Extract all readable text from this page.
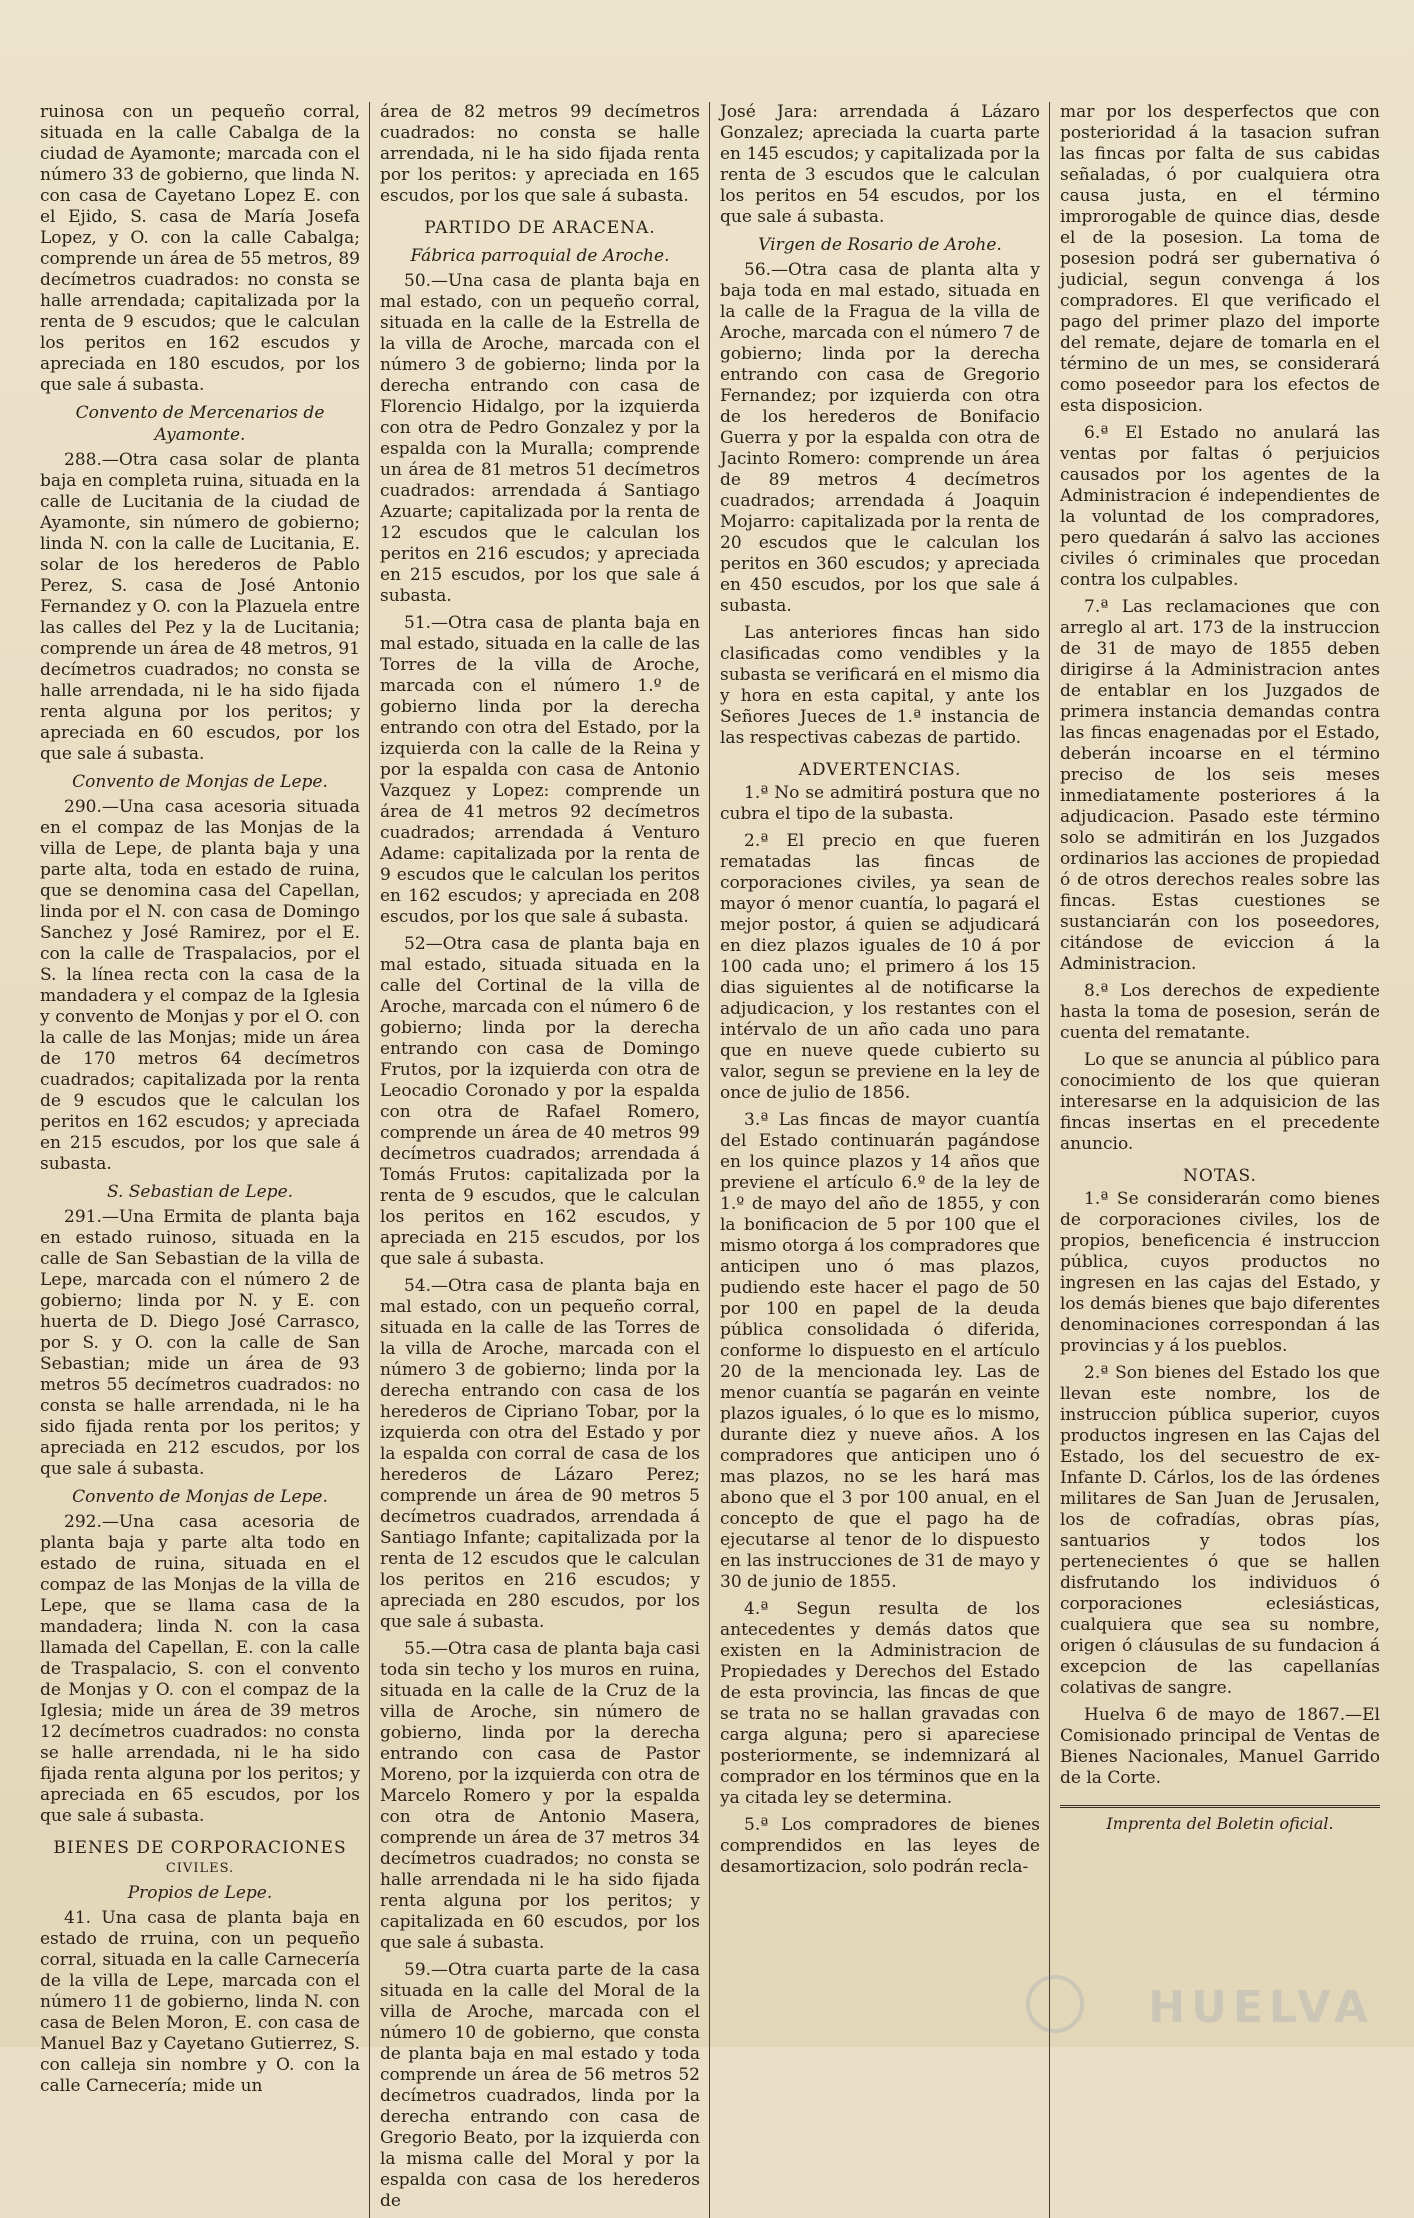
ruinosa con un pequeño corral, situada en la calle Cabalga de la ciudad de Ayamonte; marcada con el número 33 de gobierno, que linda N. con casa de Cayetano Lopez E. con el Ejido, S. casa de María Josefa Lopez, y O. con la calle Cabalga; comprende un área de 55 metros, 89 decímetros cuadrados: no consta se halle arrendada; capitalizada por la renta de 9 escudos; que le calculan los peritos en 162 escudos y apreciada en 180 escudos, por los que sale á subasta.

Convento de Mercenarios de Ayamonte.

288.—Otra casa solar de planta baja en completa ruina, situada en la calle de Lucitania de la ciudad de Ayamonte, sin número de gobierno; linda N. con la calle de Lucitania, E. solar de los herederos de Pablo Perez, S. casa de José Antonio Fernandez y O. con la Plazuela entre las calles del Pez y la de Lucitania; comprende un área de 48 metros, 91 decímetros cuadrados; no consta se halle arrendada, ni le ha sido fijada renta alguna por los peritos; y apreciada en 60 escudos, por los que sale á subasta.

Convento de Monjas de Lepe.

290.—Una casa acesoria situada en el compaz de las Monjas de la villa de Lepe, de planta baja y una parte alta, toda en estado de ruina, que se denomina casa del Capellan, linda por el N. con casa de Domingo Sanchez y José Ramirez, por el E. con la calle de Traspalacios, por el S. la línea recta con la casa de la mandadera y el compaz de la Iglesia y convento de Monjas y por el O. con la calle de las Monjas; mide un área de 170 metros 64 decímetros cuadrados; capitalizada por la renta de 9 escudos que le calculan los peritos en 162 escudos; y apreciada en 215 escudos, por los que sale á subasta.

S. Sebastian de Lepe.

291.—Una Ermita de planta baja en estado ruinoso, situada en la calle de San Sebastian de la villa de Lepe, marcada con el número 2 de gobierno; linda por N. y E. con huerta de D. Diego José Carrasco, por S. y O. con la calle de San Sebastian; mide un área de 93 metros 55 decímetros cuadrados: no consta se halle arrendada, ni le ha sido fijada renta por los peritos; y apreciada en 212 escudos, por los que sale á subasta.

Convento de Monjas de Lepe.

292.—Una casa acesoria de planta baja y parte alta todo en estado de ruina, situada en el compaz de las Monjas de la villa de Lepe, que se llama casa de la mandadera; linda N. con la casa llamada del Capellan, E. con la calle de Traspalacio, S. con el convento de Monjas y O. con el compaz de la Iglesia; mide un área de 39 metros 12 decímetros cuadrados: no consta se halle arrendada, ni le ha sido fijada renta alguna por los peritos; y apreciada en 65 escudos, por los que sale á subasta.

BIENES DE CORPORACIONES
CIVILES.
Propios de Lepe.

41. Una casa de planta baja en estado de rruina, con un pequeño corral, situada en la calle Carnecería de la villa de Lepe, marcada con el número 11 de gobierno, linda N. con casa de Belen Moron, E. con casa de Manuel Baz y Cayetano Gutierrez, S. con calleja sin nombre y O. con la calle Carnecería; mide un

área de 82 metros 99 decímetros cuadrados: no consta se halle arrendada, ni le ha sido fijada renta por los peritos: y apreciada en 165 escudos, por los que sale á subasta.

PARTIDO DE ARACENA.
Fábrica parroquial de Aroche.

50.—Una casa de planta baja en mal estado, con un pequeño corral, situada en la calle de la Estrella de la villa de Aroche, marcada con el número 3 de gobierno; linda por la derecha entrando con casa de Florencio Hidalgo, por la izquierda con otra de Pedro Gonzalez y por la espalda con la Muralla; comprende un área de 81 metros 51 decímetros cuadrados: arrendada á Santiago Azuarte; capitalizada por la renta de 12 escudos que le calculan los peritos en 216 escudos; y apreciada en 215 escudos, por los que sale á subasta.

51.—Otra casa de planta baja en mal estado, situada en la calle de las Torres de la villa de Aroche, marcada con el número 1.º de gobierno linda por la derecha entrando con otra del Estado, por la izquierda con la calle de la Reina y por la espalda con casa de Antonio Vazquez y Lopez: comprende un área de 41 metros 92 decímetros cuadrados; arrendada á Venturo Adame: capitalizada por la renta de 9 escudos que le calculan los peritos en 162 escudos; y apreciada en 208 escudos, por los que sale á subasta.

52—Otra casa de planta baja en mal estado, situada situada en la calle del Cortinal de la villa de Aroche, marcada con el número 6 de gobierno; linda por la derecha entrando con casa de Domingo Frutos, por la izquierda con otra de Leocadio Coronado y por la espalda con otra de Rafael Romero, comprende un área de 40 metros 99 decímetros cuadrados; arrendada á Tomás Frutos: capitalizada por la renta de 9 escudos, que le calculan los peritos en 162 escudos, y apreciada en 215 escudos, por los que sale á subasta.

54.—Otra casa de planta baja en mal estado, con un pequeño corral, situada en la calle de las Torres de la villa de Aroche, marcada con el número 3 de gobierno; linda por la derecha entrando con casa de los herederos de Cipriano Tobar, por la izquierda con otra del Estado y por la espalda con corral de casa de los herederos de Lázaro Perez; comprende un área de 90 metros 5 decímetros cuadrados, arrendada á Santiago Infante; capitalizada por la renta de 12 escudos que le calculan los peritos en 216 escudos; y apreciada en 280 escudos, por los que sale á subasta.

55.—Otra casa de planta baja casi toda sin techo y los muros en ruina, situada en la calle de la Cruz de la villa de Aroche, sin número de gobierno, linda por la derecha entrando con casa de Pastor Moreno, por la izquierda con otra de Marcelo Romero y por la espalda con otra de Antonio Masera, comprende un área de 37 metros 34 decímetros cuadrados; no consta se halle arrendada ni le ha sido fijada renta alguna por los peritos; y capitalizada en 60 escudos, por los que sale á subasta.

59.—Otra cuarta parte de la casa situada en la calle del Moral de la villa de Aroche, marcada con el número 10 de gobierno, que consta de planta baja en mal estado y toda comprende un área de 56 metros 52 decímetros cuadrados, linda por la derecha entrando con casa de Gregorio Beato, por la izquierda con la misma calle del Moral y por la espalda con casa de los herederos de

José Jara: arrendada á Lázaro Gonzalez; apreciada la cuarta parte en 145 escudos; y capitalizada por la renta de 3 escudos que le calculan los peritos en 54 escudos, por los que sale á subasta.

Virgen de Rosario de Arohe.

56.—Otra casa de planta alta y baja toda en mal estado, situada en la calle de la Fragua de la villa de Aroche, marcada con el número 7 de gobierno; linda por la derecha entrando con casa de Gregorio Fernandez; por izquierda con otra de los herederos de Bonifacio Guerra y por la espalda con otra de Jacinto Romero: comprende un área de 89 metros 4 decímetros cuadrados; arrendada á Joaquin Mojarro: capitalizada por la renta de 20 escudos que le calculan los peritos en 360 escudos; y apreciada en 450 escudos, por los que sale á subasta.

Las anteriores fincas han sido clasificadas como vendibles y la subasta se verificará en el mismo dia y hora en esta capital, y ante los Señores Jueces de 1.ª instancia de las respectivas cabezas de partido.

ADVERTENCIAS.

1.ª No se admitirá postura que no cubra el tipo de la subasta.

2.ª El precio en que fueren rematadas las fincas de corporaciones civiles, ya sean de mayor ó menor cuantía, lo pagará el mejor postor, á quien se adjudicará en diez plazos iguales de 10 á por 100 cada uno; el primero á los 15 dias siguientes al de notificarse la adjudicacion, y los restantes con el intérvalo de un año cada uno para que en nueve quede cubierto su valor, segun se previene en la ley de once de julio de 1856.

3.ª Las fincas de mayor cuantía del Estado continuarán pagándose en los quince plazos y 14 años que previene el artículo 6.º de la ley de 1.º de mayo del año de 1855, y con la bonificacion de 5 por 100 que el mismo otorga á los compradores que anticipen uno ó mas plazos, pudiendo este hacer el pago de 50 por 100 en papel de la deuda pública consolidada ó diferida, conforme lo dispuesto en el artículo 20 de la mencionada ley. Las de menor cuantía se pagarán en veinte plazos iguales, ó lo que es lo mismo, durante diez y nueve años. A los compradores que anticipen uno ó mas plazos, no se les hará mas abono que el 3 por 100 anual, en el concepto de que el pago ha de ejecutarse al tenor de lo dispuesto en las instrucciones de 31 de mayo y 30 de junio de 1855.

4.ª Segun resulta de los antecedentes y demás datos que existen en la Administracion de Propiedades y Derechos del Estado de esta provincia, las fincas de que se trata no se hallan gravadas con carga alguna; pero si apareciese posteriormente, se indemnizará al comprador en los términos que en la ya citada ley se determina.

5.ª Los compradores de bienes comprendidos en las leyes de desamortizacion, solo podrán recla-

mar por los desperfectos que con posterioridad á la tasacion sufran las fincas por falta de sus cabidas señaladas, ó por cualquiera otra causa justa, en el término improrogable de quince dias, desde el de la posesion. La toma de posesion podrá ser gubernativa ó judicial, segun convenga á los compradores. El que verificado el pago del primer plazo del importe del remate, dejare de tomarla en el término de un mes, se considerará como poseedor para los efectos de esta disposicion.

6.ª El Estado no anulará las ventas por faltas ó perjuicios causados por los agentes de la Administracion é independientes de la voluntad de los compradores, pero quedarán á salvo las acciones civiles ó criminales que procedan contra los culpables.

7.ª Las reclamaciones que con arreglo al art. 173 de la instruccion de 31 de mayo de 1855 deben dirigirse á la Administracion antes de entablar en los Juzgados de primera instancia demandas contra las fincas enagenadas por el Estado, deberán incoarse en el término preciso de los seis meses inmediatamente posteriores á la adjudicacion. Pasado este término solo se admitirán en los Juzgados ordinarios las acciones de propiedad ó de otros derechos reales sobre las fincas. Estas cuestiones se sustanciarán con los poseedores, citándose de eviccion á la Administracion.

8.ª Los derechos de expediente hasta la toma de posesion, serán de cuenta del rematante.

Lo que se anuncia al público para conocimiento de los que quieran interesarse en la adquisicion de las fincas insertas en el precedente anuncio.

NOTAS.

1.ª Se considerarán como bienes de corporaciones civiles, los de propios, beneficencia é instruccion pública, cuyos productos no ingresen en las cajas del Estado, y los demás bienes que bajo diferentes denominaciones correspondan á las provincias y á los pueblos.

2.ª Son bienes del Estado los que llevan este nombre, los de instruccion pública superior, cuyos productos ingresen en las Cajas del Estado, los del secuestro de ex-Infante D. Cárlos, los de las órdenes militares de San Juan de Jerusalen, los de cofradías, obras pías, santuarios y todos los pertenecientes ó que se hallen disfrutando los individuos ó corporaciones eclesiásticas, cualquiera que sea su nombre, origen ó cláusulas de su fundacion á excepcion de las capellanías colativas de sangre.

Huelva 6 de mayo de 1867.—El Comisionado principal de Ventas de Bienes Nacionales, Manuel Garrido de la Corte.

Imprenta del Boletin oficial.
HUELVA
